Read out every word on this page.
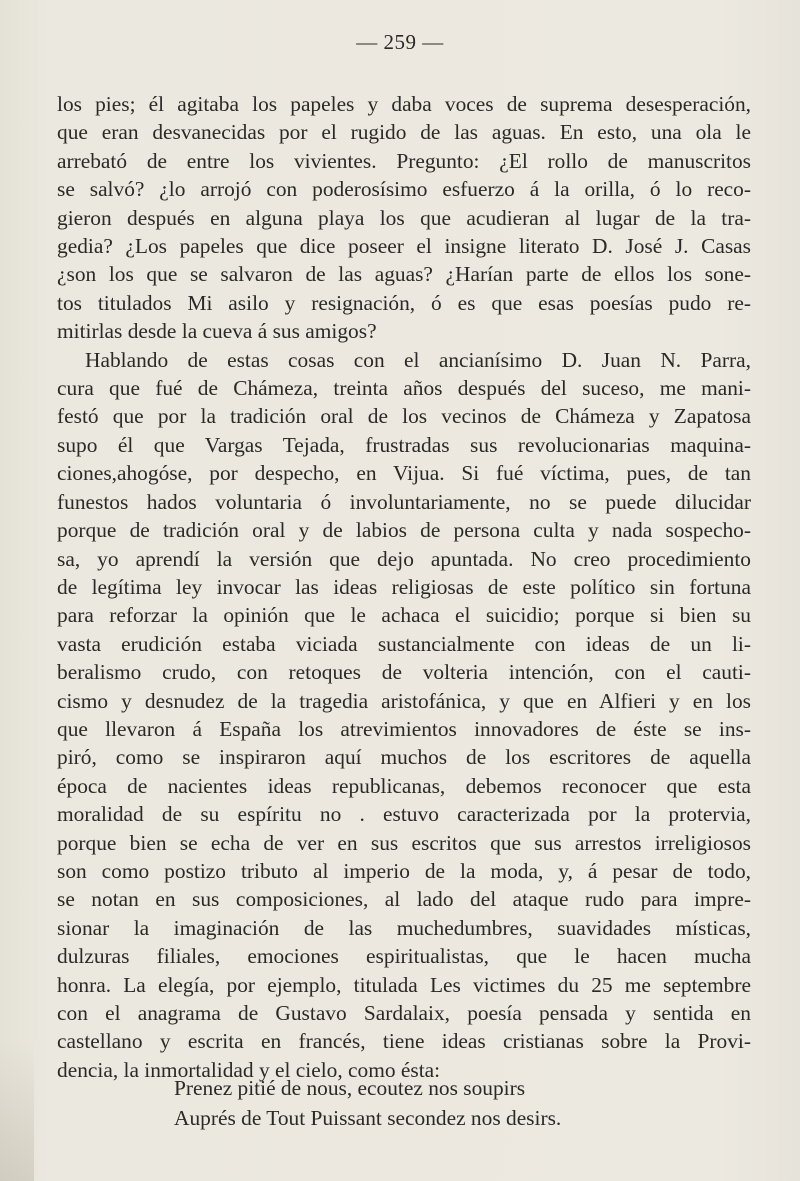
— 259 —
los pies; él agitaba los papeles y daba voces de suprema desesperación,
que eran desvanecidas por el rugido de las aguas. En esto, una ola le
arrebató de entre los vivientes. Pregunto: ¿El rollo de manuscritos
se salvó? ¿lo arrojó con poderosísimo esfuerzo á la orilla, ó lo reco-
gieron después en alguna playa los que acudieran al lugar de la tra-
gedia? ¿Los papeles que dice poseer el insigne literato D. José J. Casas
¿son los que se salvaron de las aguas? ¿Harían parte de ellos los sone-
tos titulados Mi asilo y resignación, ó es que esas poesías pudo re-
mitirlas desde la cueva á sus amigos?
Hablando de estas cosas con el ancianísimo D. Juan N. Parra,
cura que fué de Chámeza, treinta años después del suceso, me mani-
festó que por la tradición oral de los vecinos de Chámeza y Zapatosa
supo él que Vargas Tejada, frustradas sus revolucionarias maquina-
ciones,ahogóse, por despecho, en Vijua. Si fué víctima, pues, de tan
funestos hados voluntaria ó involuntariamente, no se puede dilucidar
porque de tradición oral y de labios de persona culta y nada sospecho-
sa, yo aprendí la versión que dejo apuntada. No creo procedimiento
de legítima ley invocar las ideas religiosas de este político sin fortuna
para reforzar la opinión que le achaca el suicidio; porque si bien su
vasta erudición estaba viciada sustancialmente con ideas de un li-
beralismo crudo, con retoques de volteria intención, con el cauti-
cismo y desnudez de la tragedia aristofánica, y que en Alfieri y en los
que llevaron á España los atrevimientos innovadores de éste se ins-
piró, como se inspiraron aquí muchos de los escritores de aquella
época de nacientes ideas republicanas, debemos reconocer que esta
moralidad de su espíritu no . estuvo caracterizada por la protervia,
porque bien se echa de ver en sus escritos que sus arrestos irreligiosos
son como postizo tributo al imperio de la moda, y, á pesar de todo,
se notan en sus composiciones, al lado del ataque rudo para impre-
sionar la imaginación de las muchedumbres, suavidades místicas,
dulzuras filiales, emociones espiritualistas, que le hacen mucha
honra. La elegía, por ejemplo, titulada Les victimes du 25 me septembre
con el anagrama de Gustavo Sardalaix, poesía pensada y sentida en
castellano y escrita en francés, tiene ideas cristianas sobre la Provi-
dencia, la inmortalidad y el cielo, como ésta:
Prenez pitié de nous, ecoutez nos soupirs
Auprés de Tout Puissant secondez nos desirs.
